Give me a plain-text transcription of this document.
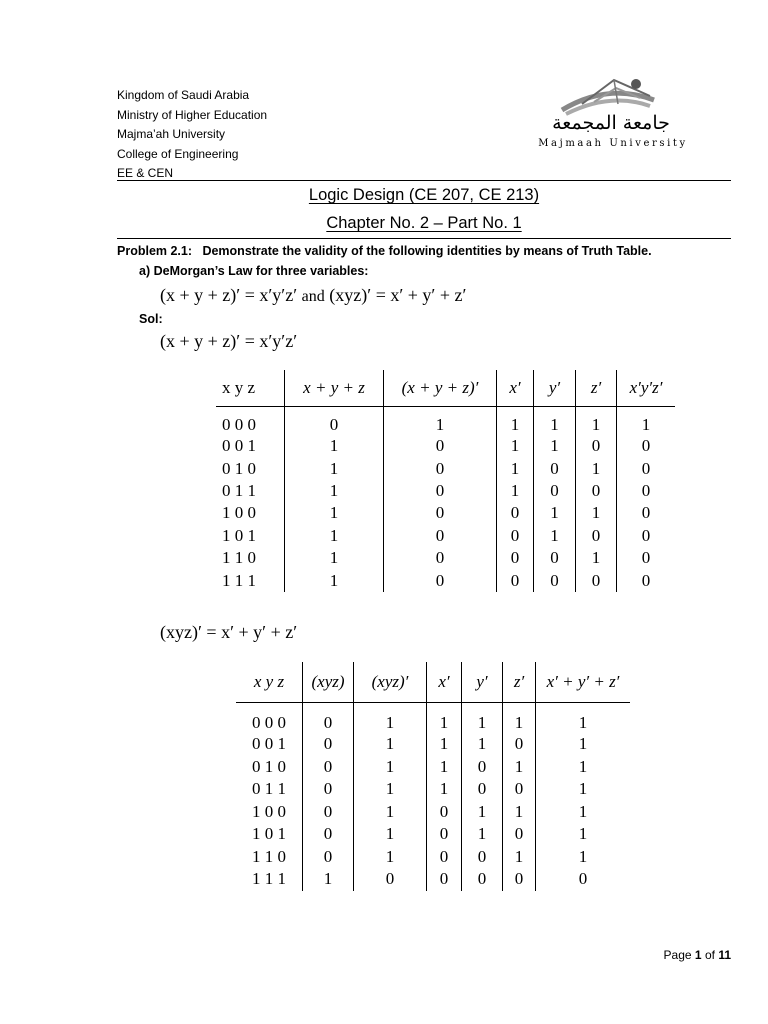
Kingdom of Saudi Arabia
Ministry of Higher Education
Majma’ah University
College of Engineering
EE & CEN
جامعة المجمعة
Majmaah University
Logic Design (CE 207, CE 213)
Chapter No. 2 – Part No. 1
Problem 2.1: Demonstrate the validity of the following identities by means of Truth Table.
a) DeMorgan’s Law for three variables:
(x + y + z)′ = x′y′z′ and (xyz)′ = x′ + y′ + z′
Sol:
(x + y + z)′ = x′y′z′
x y z	x + y + z	(x + y + z)′	x′	y′	z′	x′y′z′
0 0 0	0	1	1	1	1	1
0 0 1	1	0	1	1	0	0
0 1 0	1	0	1	0	1	0
0 1 1	1	0	1	0	0	0
1 0 0	1	0	0	1	1	0
1 0 1	1	0	0	1	0	0
1 1 0	1	0	0	0	1	0
1 1 1	1	0	0	0	0	0
(xyz)′ = x′ + y′ + z′
x y z	(xyz)	(xyz)′	x′	y′	z′	x′ + y′ + z′
0 0 0	0	1	1	1	1	1
0 0 1	0	1	1	1	0	1
0 1 0	0	1	1	0	1	1
0 1 1	0	1	1	0	0	1
1 0 0	0	1	0	1	1	1
1 0 1	0	1	0	1	0	1
1 1 0	0	1	0	0	1	1
1 1 1	1	0	0	0	0	0
Page 1 of 11
